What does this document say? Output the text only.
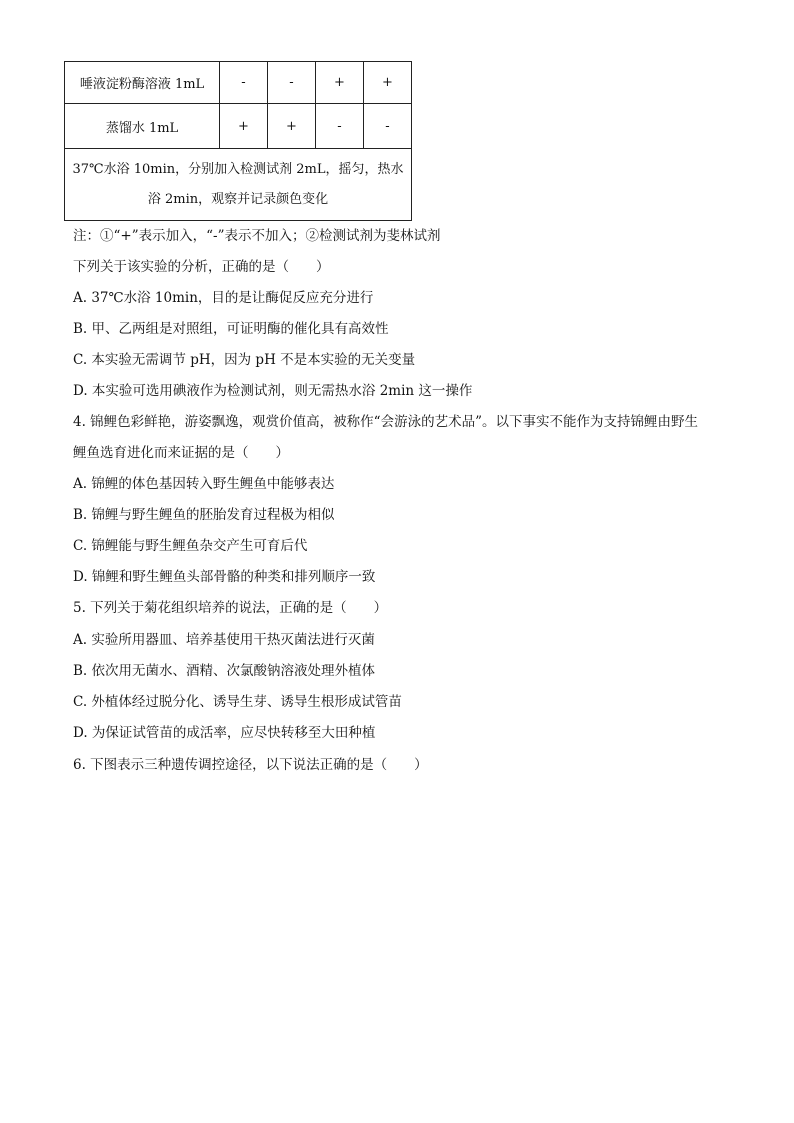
唾液淀粉酶溶液 1mL	-	-	+	+
蒸馏水 1mL	+	+	-	-
37℃水浴 10min，分别加入检测试剂 2mL，摇匀，热水浴 2min，观察并记录颜色变化				
注：①“+”表示加入，“-”表示不加入；②检测试剂为斐林试剂
下列关于该实验的分析，正确的是（　　）
A. 37℃水浴 10min，目的是让酶促反应充分进行
B. 甲、乙两组是对照组，可证明酶的催化具有高效性
C. 本实验无需调节 pH，因为 pH 不是本实验的无关变量
D. 本实验可选用碘液作为检测试剂，则无需热水浴 2min 这一操作
4. 锦鲤色彩鲜艳，游姿飘逸，观赏价值高，被称作“会游泳的艺术品”。以下事实不能作为支持锦鲤由野生
鲤鱼选育进化而来证据的是（　　）
A. 锦鲤的体色基因转入野生鲤鱼中能够表达
B. 锦鲤与野生鲤鱼的胚胎发育过程极为相似
C. 锦鲤能与野生鲤鱼杂交产生可育后代
D. 锦鲤和野生鲤鱼头部骨骼的种类和排列顺序一致
5. 下列关于菊花组织培养的说法，正确的是（　　）
A. 实验所用器皿、培养基使用干热灭菌法进行灭菌
B. 依次用无菌水、酒精、次氯酸钠溶液处理外植体
C. 外植体经过脱分化、诱导生芽、诱导生根形成试管苗
D. 为保证试管苗的成活率，应尽快转移至大田种植
6. 下图表示三种遗传调控途径，以下说法正确的是（　　）
